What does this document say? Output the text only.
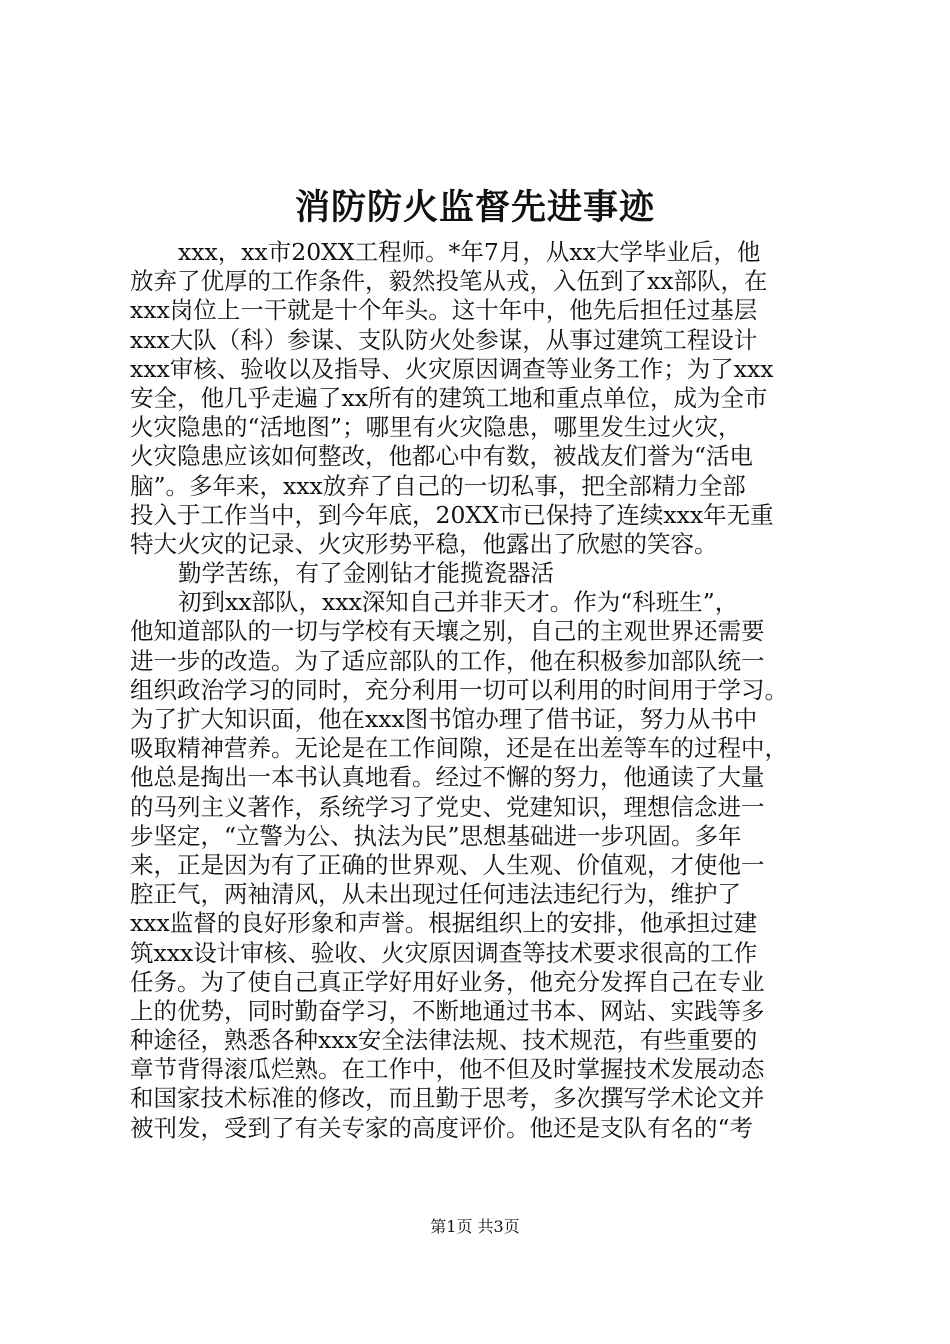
消防防火监督先进事迹
xxx，xx市20XX工程师。*年7月，从xx大学毕业后，他
放弃了优厚的工作条件，毅然投笔从戎，入伍到了xx部队，在
xxx岗位上一干就是十个年头。这十年中，他先后担任过基层
xxx大队（科）参谋、支队防火处参谋，从事过建筑工程设计
xxx审核、验收以及指导、火灾原因调查等业务工作；为了xxx
安全，他几乎走遍了xx所有的建筑工地和重点单位，成为全市
火灾隐患的“活地图”；哪里有火灾隐患，哪里发生过火灾，
火灾隐患应该如何整改，他都心中有数，被战友们誉为“活电
脑”。多年来，xxx放弃了自己的一切私事，把全部精力全部
投入于工作当中，到今年底，20XX市已保持了连续xxx年无重
特大火灾的记录、火灾形势平稳，他露出了欣慰的笑容。
勤学苦练，有了金刚钻才能揽瓷器活
初到xx部队，xxx深知自己并非天才。作为“科班生”，
他知道部队的一切与学校有天壤之别，自己的主观世界还需要
进一步的改造。为了适应部队的工作，他在积极参加部队统一
组织政治学习的同时，充分利用一切可以利用的时间用于学习。
为了扩大知识面，他在xxx图书馆办理了借书证，努力从书中
吸取精神营养。无论是在工作间隙，还是在出差等车的过程中，
他总是掏出一本书认真地看。经过不懈的努力，他通读了大量
的马列主义著作，系统学习了党史、党建知识，理想信念进一
步坚定，“立警为公、执法为民”思想基础进一步巩固。多年
来，正是因为有了正确的世界观、人生观、价值观，才使他一
腔正气，两袖清风，从未出现过任何违法违纪行为，维护了
xxx监督的良好形象和声誉。根据组织上的安排，他承担过建
筑xxx设计审核、验收、火灾原因调查等技术要求很高的工作
任务。为了使自己真正学好用好业务，他充分发挥自己在专业
上的优势，同时勤奋学习，不断地通过书本、网站、实践等多
种途径，熟悉各种xxx安全法律法规、技术规范，有些重要的
章节背得滚瓜烂熟。在工作中，他不但及时掌握技术发展动态
和国家技术标准的修改，而且勤于思考，多次撰写学术论文并
被刊发，受到了有关专家的高度评价。他还是支队有名的“考
第1页 共3页
